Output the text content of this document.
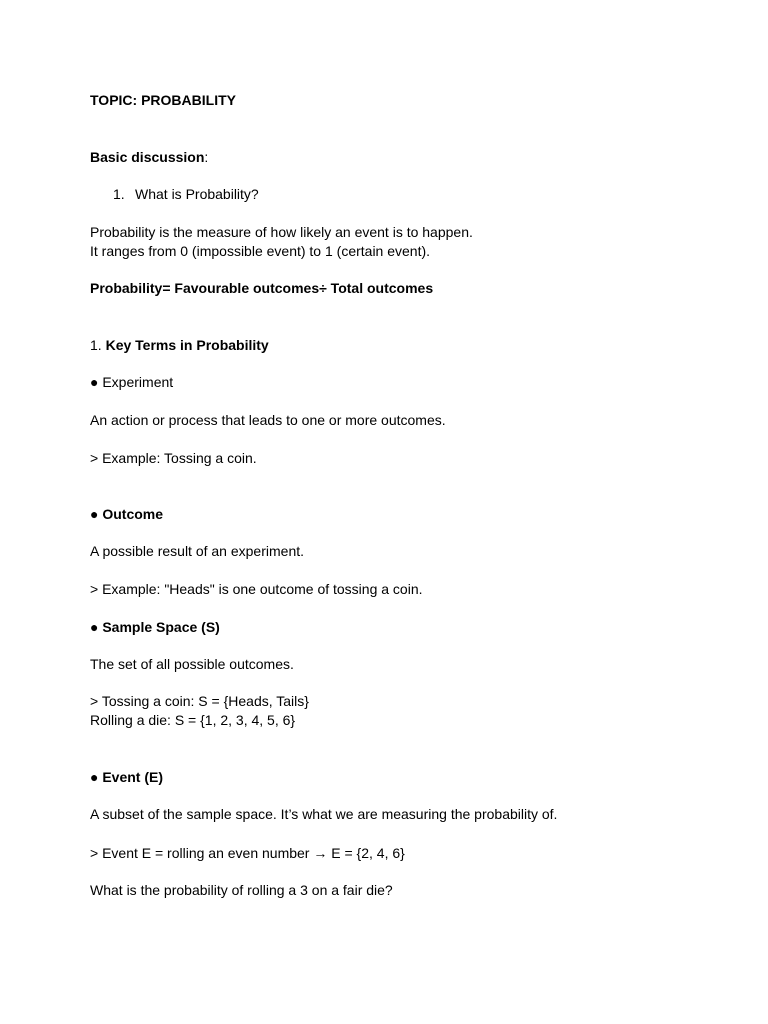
TOPIC: PROBABILITY
Basic discussion:
1. What is Probability?
Probability is the measure of how likely an event is to happen.
It ranges from 0 (impossible event) to 1 (certain event).
Probability= Favourable outcomes÷ Total outcomes
1. Key Terms in Probability
● Experiment
An action or process that leads to one or more outcomes.
> Example: Tossing a coin.
● Outcome
A possible result of an experiment.
> Example: "Heads" is one outcome of tossing a coin.
● Sample Space (S)
The set of all possible outcomes.
> Tossing a coin: S = {Heads, Tails}
Rolling a die: S = {1, 2, 3, 4, 5, 6}
● Event (E)
A subset of the sample space. It’s what we are measuring the probability of.
> Event E = rolling an even number → E = {2, 4, 6}
What is the probability of rolling a 3 on a fair die?
